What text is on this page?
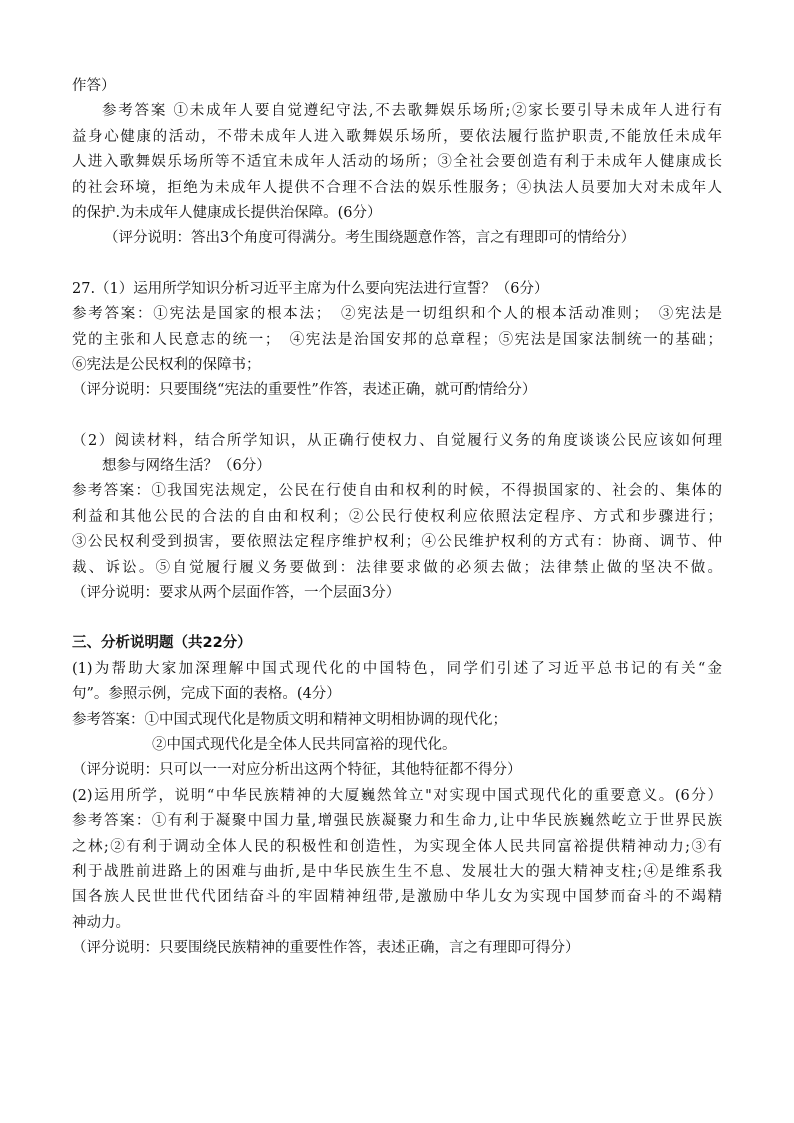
作答）
参考答案 ①未成年人要自觉遵纪守法,不去歌舞娱乐场所;②家长要引导未成年人进行有
益身心健康的活动，不带未成年人进入歌舞娱乐场所，要依法履行监护职责,不能放任未成年
人进入歌舞娱乐场所等不适宜未成年人活动的场所；③全社会要创造有利于未成年人健康成长
的社会环境，拒绝为未成年人提供不合理不合法的娱乐性服务；④执法人员要加大对未成年人
的保护.为未成年人健康成长提供治保障。(6分）
（评分说明：答出3个角度可得满分。考生围绕题意作答，言之有理即可的情给分）
27.（1）运用所学知识分析习近平主席为什么要向宪法进行宣誓？（6分）
参考答案：①宪法是国家的根本法；　②宪法是一切组织和个人的根本活动准则；　③宪法是
党的主张和人民意志的统一；　④宪法是治国安邦的总章程；⑤宪法是国家法制统一的基础；
⑥宪法是公民权利的保障书；
（评分说明：只要围绕“宪法的重要性”作答，表述正确，就可酌情给分）
（2）阅读材料，结合所学知识，从正确行使权力、自觉履行义务的角度谈谈公民应该如何理
想参与网络生活？（6分）
参考答案：①我国宪法规定，公民在行使自由和权利的时候，不得损国家的、社会的、集体的
利益和其他公民的合法的自由和权利；②公民行使权利应依照法定程序、方式和步骤进行；
③公民权利受到损害，要依照法定程序维护权利；④公民维护权利的方式有：协商、调节、仲
裁、诉讼。⑤自觉履行履义务要做到：法律要求做的必须去做；法律禁止做的坚决不做。
（评分说明：要求从两个层面作答，一个层面3分）
三、分析说明题（共22分）
(1)为帮助大家加深理解中国式现代化的中国特色，同学们引述了习近平总书记的有关“金
句”。参照示例，完成下面的表格。(4分）
参考答案：①中国式现代化是物质文明和精神文明相协调的现代化；
②中国式现代化是全体人民共同富裕的现代化。
（评分说明：只可以一一对应分析出这两个特征，其他特征都不得分）
(2)运用所学，说明“中华民族精神的大厦巍然耸立"对实现中国式现代化的重要意义。(6分）
参考答案：①有利于凝聚中国力量,增强民族凝聚力和生命力,让中华民族巍然屹立于世界民族
之林;②有利于调动全体人民的积极性和创造性，为实现全体人民共同富裕提供精神动力;③有
利于战胜前进路上的困难与曲折,是中华民族生生不息、发展壮大的强大精神支柱;④是维系我
国各族人民世世代代团结奋斗的牢固精神纽带,是激励中华儿女为实现中国梦而奋斗的不竭精
神动力。
（评分说明：只要围绕民族精神的重要性作答，表述正确，言之有理即可得分）
